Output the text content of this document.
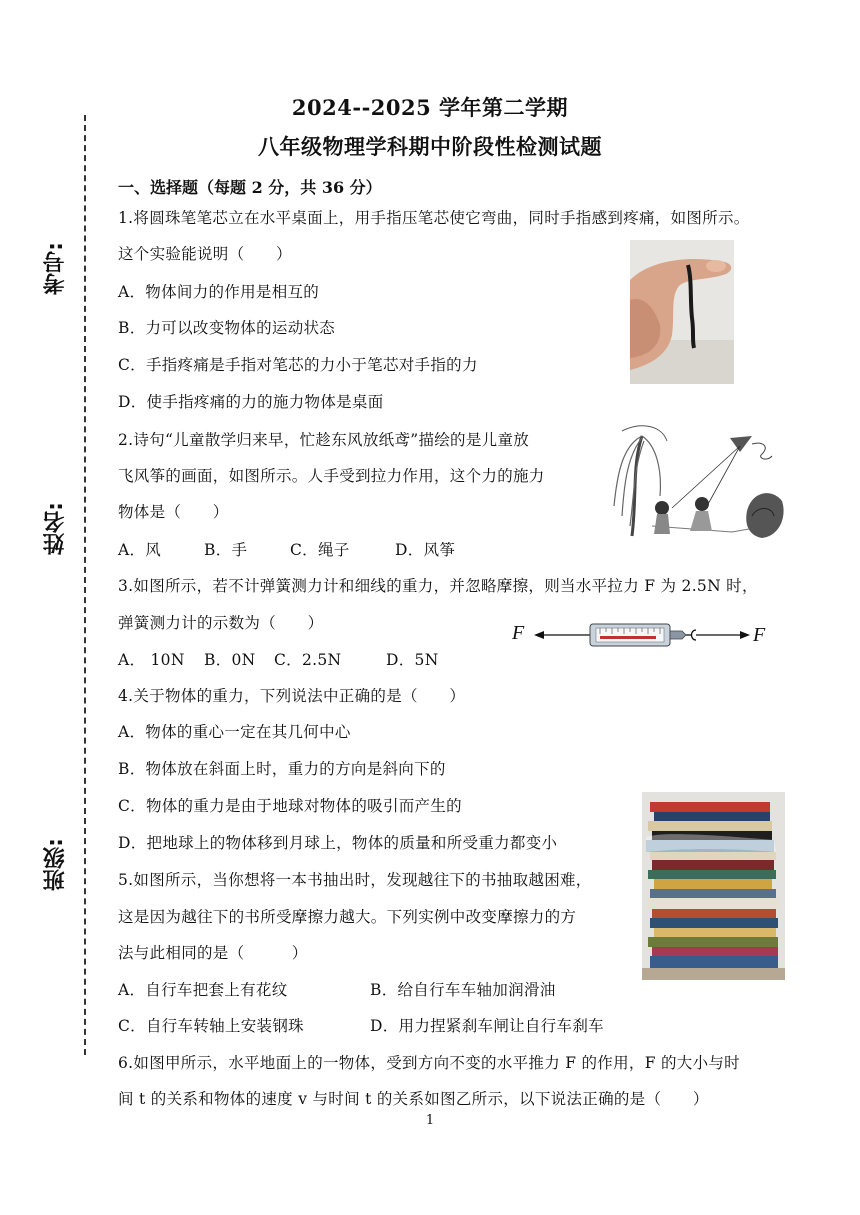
2024--2025 学年第二学期
八年级物理学科期中阶段性检测试题
一、选择题（每题 2 分，共 36 分）
考号:
姓名:
班级:
1.将圆珠笔笔芯立在水平桌面上，用手指压笔芯使它弯曲，同时手指感到疼痛，如图所示。
这个实验能说明（　　）
A．物体间力的作用是相互的
B．力可以改变物体的运动状态
C．手指疼痛是手指对笔芯的力小于笔芯对手指的力
D．使手指疼痛的力的施力物体是桌面
2.诗句“儿童散学归来早，忙趁东风放纸鸢”描绘的是儿童放
飞风筝的画面，如图所示。人手受到拉力作用，这个力的施力
物体是（　　）
A．风	B．手	C．绳子	D．风筝
3.如图所示，若不计弹簧测力计和细线的重力，并忽略摩擦，则当水平拉力 F 为 2.5N 时，
弹簧测力计的示数为（　　）
A． 10N B．0N C．2.5N	D．5N
F	F
4.关于物体的重力，下列说法中正确的是（　　）
A．物体的重心一定在其几何中心
B．物体放在斜面上时，重力的方向是斜向下的
C．物体的重力是由于地球对物体的吸引而产生的
D．把地球上的物体移到月球上，物体的质量和所受重力都变小
5.如图所示，当你想将一本书抽出时，发现越往下的书抽取越困难，
这是因为越往下的书所受摩擦力越大。下列实例中改变摩擦力的方
法与此相同的是（　　　）
A．自行车把套上有花纹	B．给自行车车轴加润滑油
C．自行车转轴上安装钢珠	D．用力捏紧刹车闸让自行车刹车
6.如图甲所示，水平地面上的一物体，受到方向不变的水平推力 F 的作用，F 的大小与时
间 t 的关系和物体的速度 v 与时间 t 的关系如图乙所示，以下说法正确的是（　　）
1
